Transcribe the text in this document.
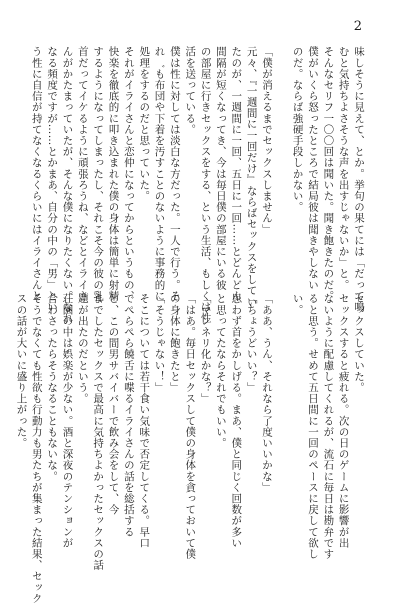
2
味しそうに見えて、とか。挙句の果てには「だって鳴
むと気持ちよさそうな声を出すじゃないか」と。
そんなセリフ一〇〇回は聞いた。聞き飽きたのだ。
僕がいくら怒ったところで結局彼は聞きやしない
のだ。ならば強硬手段しかない。

「僕が消えるまでセックスしません」
元々、『一週間に一回だけ』ならばセックスをしてい
たのが、一週間に一回、五日に一回……とどんどん
間隔が短くなってき、今は毎日僕の部屋にいる彼
の部屋に行きセックスをする、という生活、もしくは性
活を送っている。
僕は性に対しては淡白な方だった。一人で行う。そ
れ゛も布団や下着を汚すことのないように事務的に
処理をするのだと思っていた。
それがイライさんと恋仲になってからというもの、
快楽を徹底的に叩き込まれた僕の身体は簡単に射精
するようになってしまったし、それこそ今の彼の乳
首だってイケるように頑張ろうね、などとイライさ
んがかたまっていたが、そんな僕になりたくない。なれ
なる頻度ですが……とかまあ、自分の中の「男」とい
う性に自信が持てなくなるくらいにはイライさんと
セックスしていた。
セックスすると疲れる。次の日のゲームに影響が出
ないように配慮してくれるが、流石に毎日は勘弁です
ると思う。せめて五日間に一回のペースに戻して欲し
い。

「ああ、うん、それなら了度いいかな」
「ちょうどいい？」
思わず首をかしげる。まあ、僕と同じく回数が多い
と思ってたならそれでもいい。
「マンネリ化かな？」
「はあ。毎日セックスして僕の身体を貪っておいて僕
の身体に飽きたと」
「そうじゃない！」
そこについては若干食い気味で否定してくる。早口
でぺらぺら饒舌に喋るイライさんの話を総括する
と、この間男サバイバーで飲み会をして、今
までしたセックスで最高に気持ちよかったセックスの話
題が出たのだという。
荘園の中は娯楽が少ない。酒と深夜のテンションが
合わさったらそうなることもないな。
そうでなくても性欲も行動力も男たちが集まった結果、セック
スの話が大いに盛り上がった。
